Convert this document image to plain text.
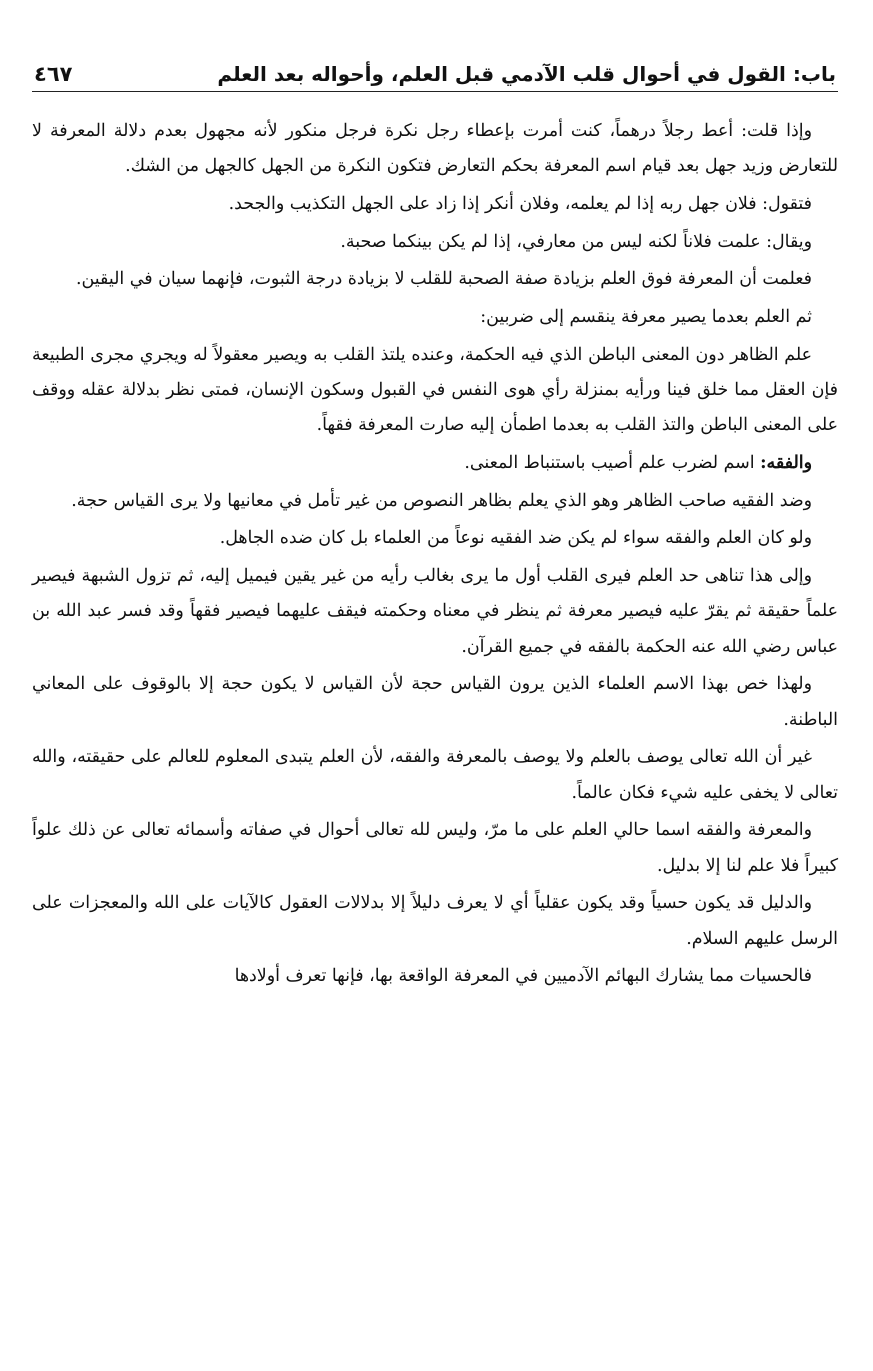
باب: القول في أحوال قلب الآدمي قبل العلم، وأحواله بعد العلم
٤٦٧

وإذا قلت: أعط رجلاً درهماً، كنت أمرت بإعطاء رجل نكرة فرجل منكور لأنه مجهول بعدم دلالة المعرفة لا للتعارض وزيد جهل بعد قيام اسم المعرفة بحكم التعارض فتكون النكرة من الجهل كالجهل من الشك.

فتقول: فلان جهل ربه إذا لم يعلمه، وفلان أنكر إذا زاد على الجهل التكذيب والجحد.

ويقال: علمت فلاناً لكنه ليس من معارفي، إذا لم يكن بينكما صحبة.

فعلمت أن المعرفة فوق العلم بزيادة صفة الصحبة للقلب لا بزيادة درجة الثبوت، فإنهما سيان في اليقين.

ثم العلم بعدما يصير معرفة ينقسم إلى ضربين:

علم الظاهر دون المعنى الباطن الذي فيه الحكمة، وعنده يلتذ القلب به ويصير معقولاً له ويجري مجرى الطبيعة فإن العقل مما خلق فينا ورأيه بمنزلة رأي هوى النفس في القبول وسكون الإنسان، فمتى نظر بدلالة عقله ووقف على المعنى الباطن والتذ القلب به بعدما اطمأن إليه صارت المعرفة فقهاً.

والفقه: اسم لضرب علم أصيب باستنباط المعنى.

وضد الفقيه صاحب الظاهر وهو الذي يعلم بظاهر النصوص من غير تأمل في معانيها ولا يرى القياس حجة.

ولو كان العلم والفقه سواء لم يكن ضد الفقيه نوعاً من العلماء بل كان ضده الجاهل.

وإلى هذا تناهى حد العلم فيرى القلب أول ما يرى بغالب رأيه من غير يقين فيميل إليه، ثم تزول الشبهة فيصير علماً حقيقة ثم يقرّ عليه فيصير معرفة ثم ينظر في معناه وحكمته فيقف عليهما فيصير فقهاً وقد فسر عبد الله بن عباس رضي الله عنه الحكمة بالفقه في جميع القرآن.

ولهذا خص بهذا الاسم العلماء الذين يرون القياس حجة لأن القياس لا يكون حجة إلا بالوقوف على المعاني الباطنة.

غير أن الله تعالى يوصف بالعلم ولا يوصف بالمعرفة والفقه، لأن العلم يتبدى المعلوم للعالم على حقيقته، والله تعالى لا يخفى عليه شيء فكان عالماً.

والمعرفة والفقه اسما حالي العلم على ما مرّ، وليس لله تعالى أحوال في صفاته وأسمائه تعالى عن ذلك علواً كبيراً فلا علم لنا إلا بدليل.

والدليل قد يكون حسياً وقد يكون عقلياً أي لا يعرف دليلاً إلا بدلالات العقول كالآيات على الله والمعجزات على الرسل عليهم السلام.

فالحسيات مما يشارك البهائم الآدميين في المعرفة الواقعة بها، فإنها تعرف أولادها
